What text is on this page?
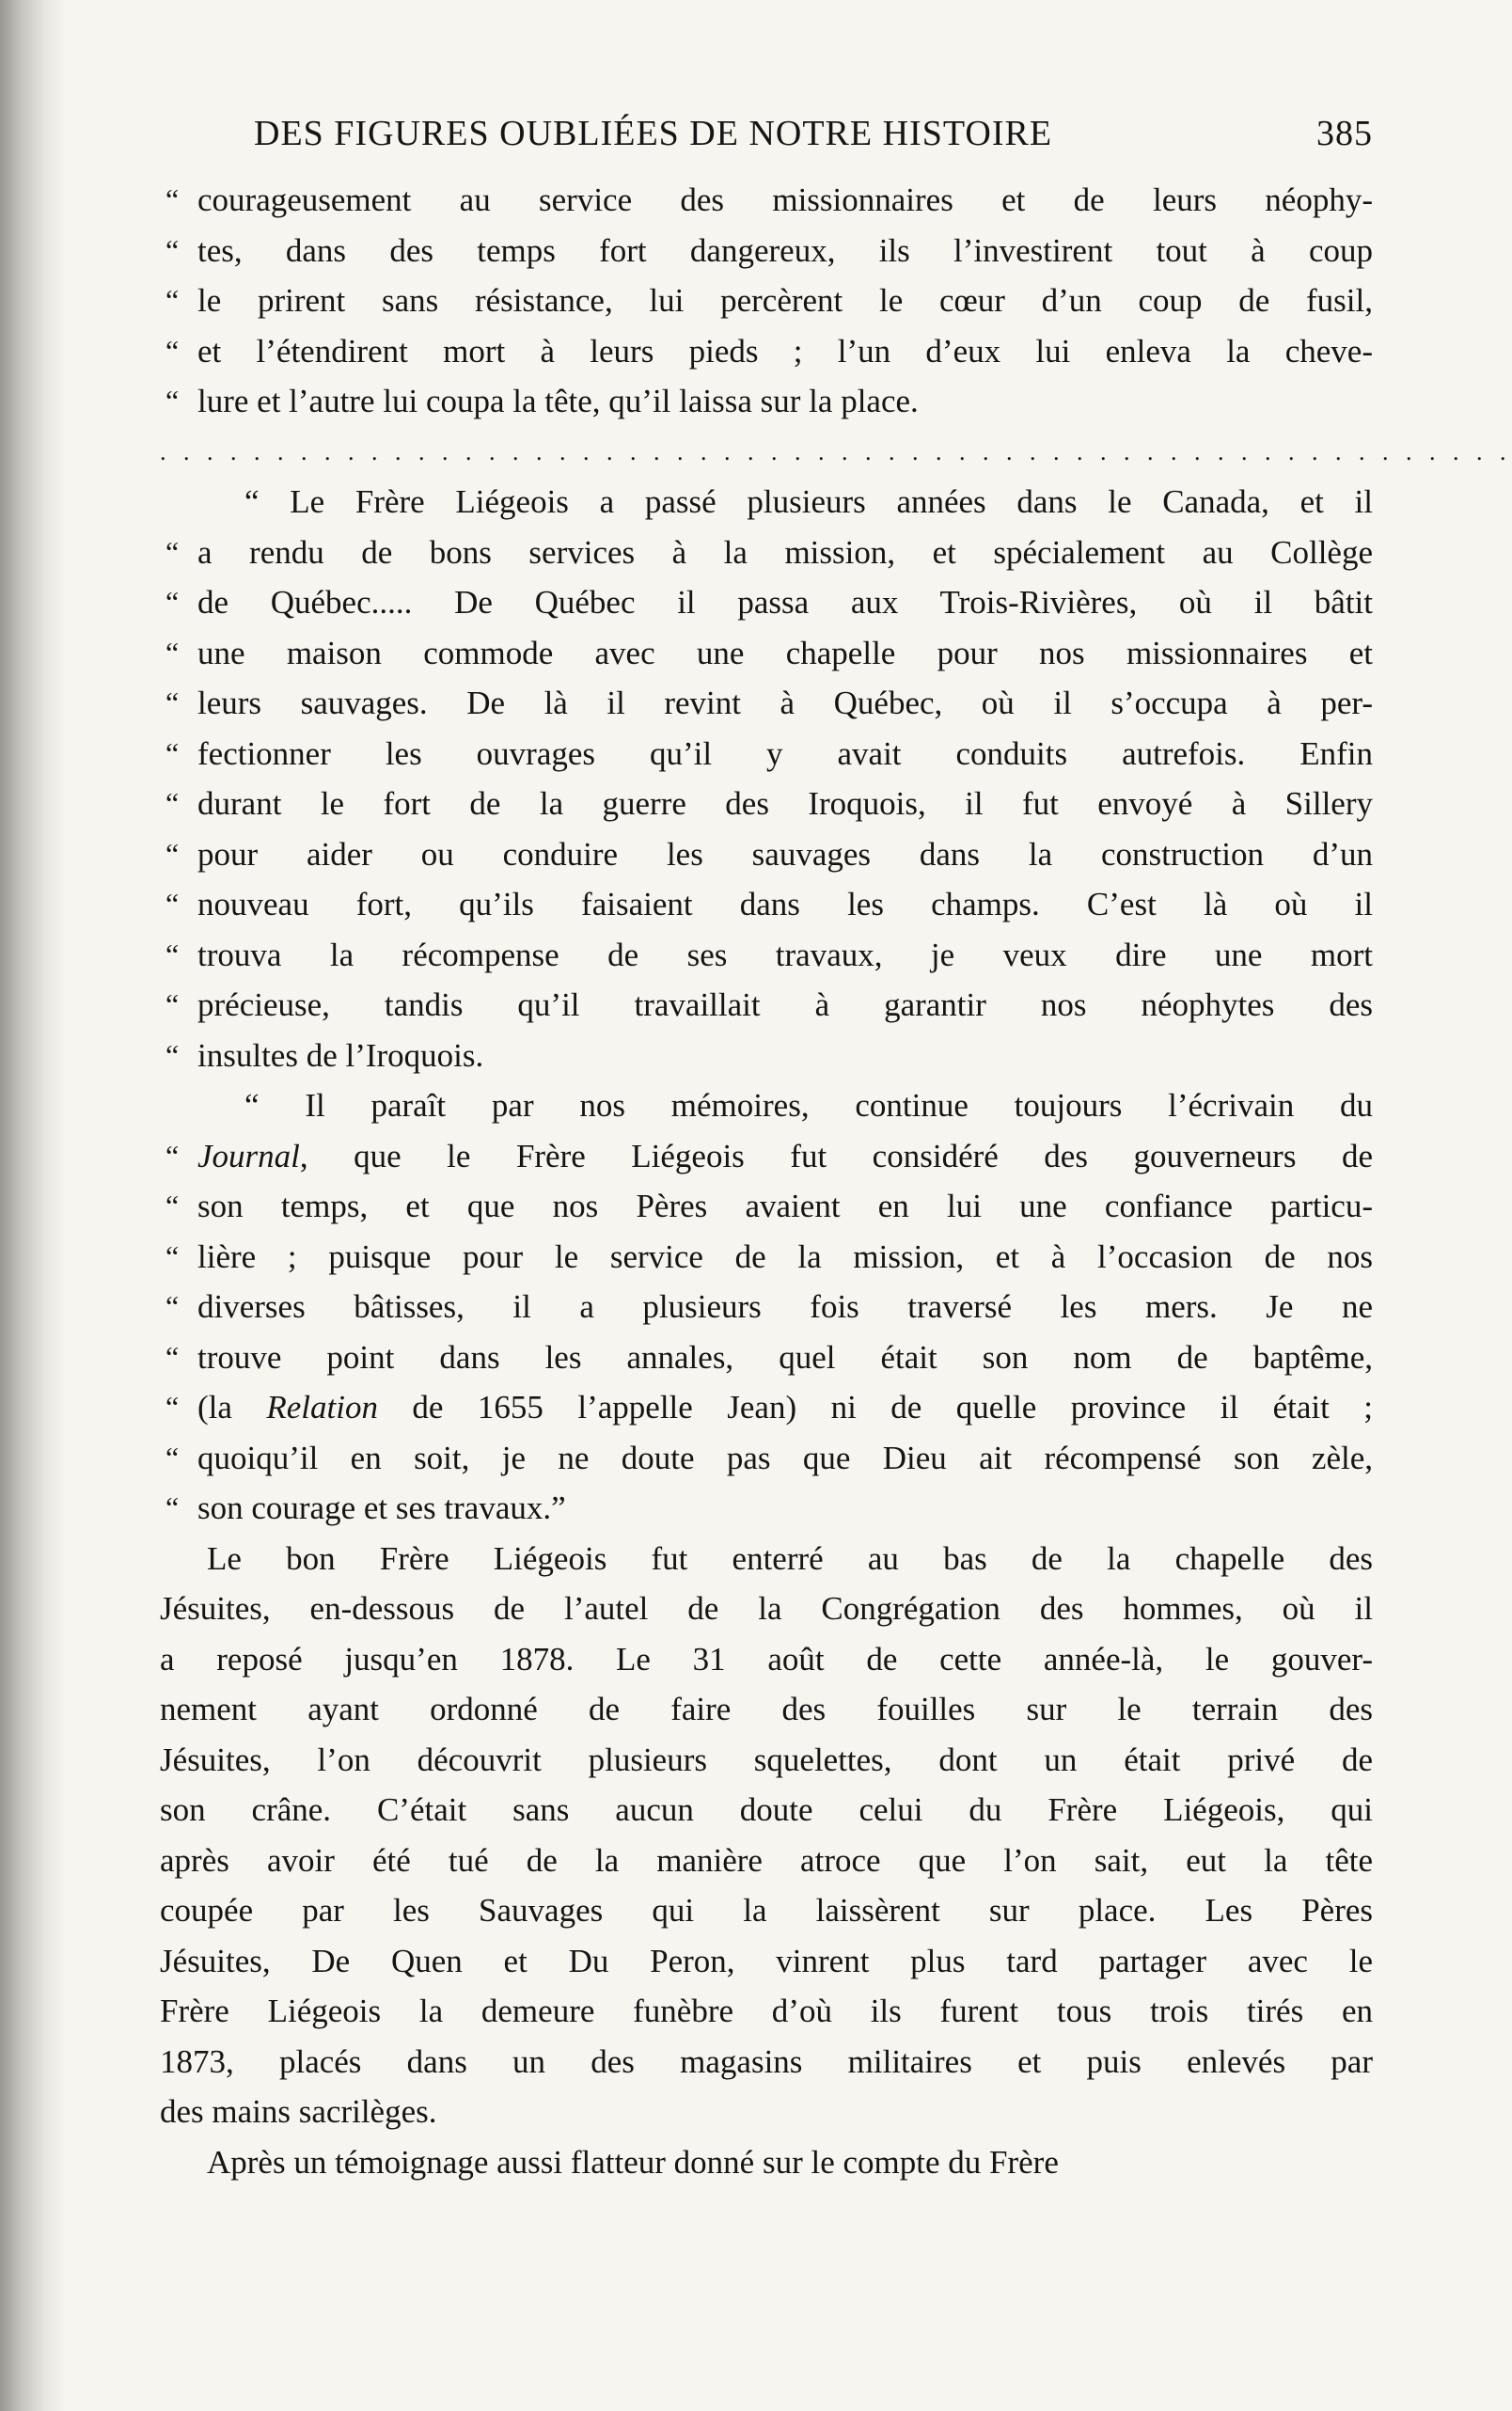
DES FIGURES OUBLIÉES DE NOTRE HISTOIRE	385
“ courageusement au service des missionnaires et de leurs néophy-
“ tes, dans des temps fort dangereux, ils l’investirent tout à coup
“ le prirent sans résistance, lui percèrent le cœur d’un coup de fusil,
“ et l’étendirent mort à leurs pieds ; l’un d’eux lui enleva la cheve-
“ lure et l’autre lui coupa la tête, qu’il laissa sur la place.
. . . . . . . . . . . . . . . . . . . . . . . . . . . . . . . . . . . . . . . . . . . . . . . . . . . . . . . . . .
“ Le Frère Liégeois a passé plusieurs années dans le Canada, et il
“ a rendu de bons services à la mission, et spécialement au Collège
“ de Québec..... De Québec il passa aux Trois-Rivières, où il bâtit
“ une maison commode avec une chapelle pour nos missionnaires et
“ leurs sauvages. De là il revint à Québec, où il s’occupa à per-
“ fectionner les ouvrages qu’il y avait conduits autrefois. Enfin
“ durant le fort de la guerre des Iroquois, il fut envoyé à Sillery
“ pour aider ou conduire les sauvages dans la construction d’un
“ nouveau fort, qu’ils faisaient dans les champs. C’est là où il
“ trouva la récompense de ses travaux, je veux dire une mort
“ précieuse, tandis qu’il travaillait à garantir nos néophytes des
“ insultes de l’Iroquois.
“ Il paraît par nos mémoires, continue toujours l’écrivain du
“ Journal, que le Frère Liégeois fut considéré des gouverneurs de
“ son temps, et que nos Pères avaient en lui une confiance particu-
“ lière ; puisque pour le service de la mission, et à l’occasion de nos
“ diverses bâtisses, il a plusieurs fois traversé les mers. Je ne
“ trouve point dans les annales, quel était son nom de baptême,
“ (la Relation de 1655 l’appelle Jean) ni de quelle province il était ;
“ quoiqu’il en soit, je ne doute pas que Dieu ait récompensé son zèle,
“ son courage et ses travaux.”
Le bon Frère Liégeois fut enterré au bas de la chapelle des
Jésuites, en-dessous de l’autel de la Congrégation des hommes, où il
a reposé jusqu’en 1878. Le 31 août de cette année-là, le gouver-
nement ayant ordonné de faire des fouilles sur le terrain des
Jésuites, l’on découvrit plusieurs squelettes, dont un était privé de
son crâne. C’était sans aucun doute celui du Frère Liégeois, qui
après avoir été tué de la manière atroce que l’on sait, eut la tête
coupée par les Sauvages qui la laissèrent sur place. Les Pères
Jésuites, De Quen et Du Peron, vinrent plus tard partager avec le
Frère Liégeois la demeure funèbre d’où ils furent tous trois tirés en
1873, placés dans un des magasins militaires et puis enlevés par
des mains sacrilèges.
Après un témoignage aussi flatteur donné sur le compte du Frère
